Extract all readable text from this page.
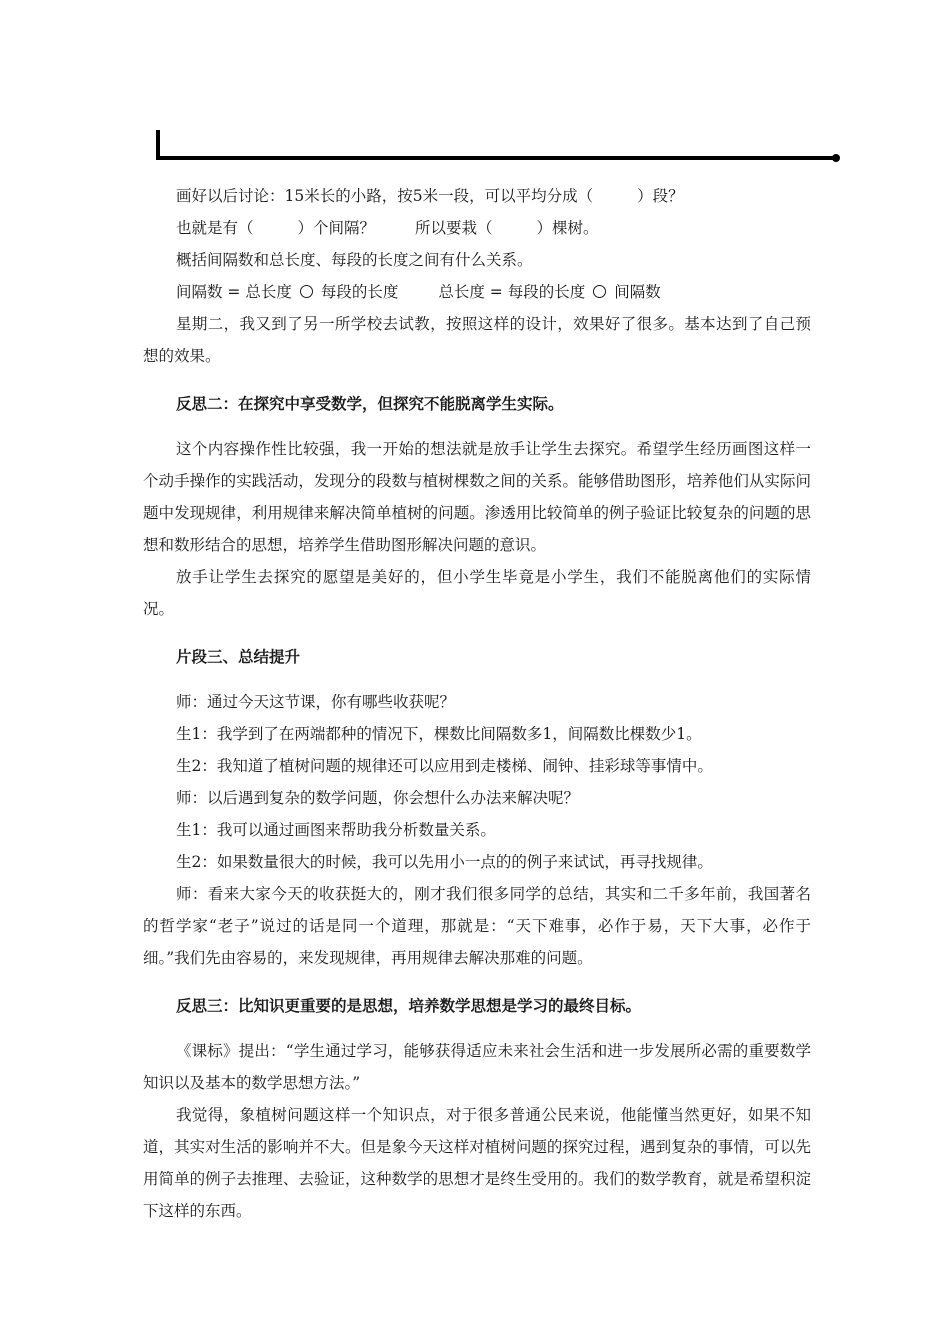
画好以后讨论：15米长的小路，按5米一段，可以平均分成（	）段？

也就是有（	）个间隔？	所以要栽（	）棵树。

概括间隔数和总长度、每段的长度之间有什么关系。

间隔数 = 总长度 每段的长度	总长度 = 每段的长度 间隔数

星期二，我又到了另一所学校去试教，按照这样的设计，效果好了很多。基本达到了自己预想的效果。

反思二：在探究中享受数学，但探究不能脱离学生实际。

这个内容操作性比较强，我一开始的想法就是放手让学生去探究。希望学生经历画图这样一个动手操作的实践活动，发现分的段数与植树棵数之间的关系。能够借助图形，培养他们从实际问题中发现规律，利用规律来解决简单植树的问题。渗透用比较简单的例子验证比较复杂的问题的思想和数形结合的思想，培养学生借助图形解决问题的意识。

放手让学生去探究的愿望是美好的，但小学生毕竟是小学生，我们不能脱离他们的实际情况。

片段三、总结提升

师：通过今天这节课，你有哪些收获呢？

生1：我学到了在两端都种的情况下，棵数比间隔数多1，间隔数比棵数少1。

生2：我知道了植树问题的规律还可以应用到走楼梯、闹钟、挂彩球等事情中。

师：以后遇到复杂的数学问题，你会想什么办法来解决呢？

生1：我可以通过画图来帮助我分析数量关系。

生2：如果数量很大的时候，我可以先用小一点的的例子来试试，再寻找规律。

师：看来大家今天的收获挺大的，刚才我们很多同学的总结，其实和二千多年前，我国著名的哲学家“老子”说过的话是同一个道理，那就是：“天下难事，必作于易，天下大事，必作于细。”我们先由容易的，来发现规律，再用规律去解决那难的问题。

反思三：比知识更重要的是思想，培养数学思想是学习的最终目标。

《课标》提出：“学生通过学习，能够获得适应未来社会生活和进一步发展所必需的重要数学知识以及基本的数学思想方法。”

我觉得，象植树问题这样一个知识点，对于很多普通公民来说，他能懂当然更好，如果不知道，其实对生活的影响并不大。但是象今天这样对植树问题的探究过程，遇到复杂的事情，可以先用简单的例子去推理、去验证，这种数学的思想才是终生受用的。我们的数学教育，就是希望积淀下这样的东西。
